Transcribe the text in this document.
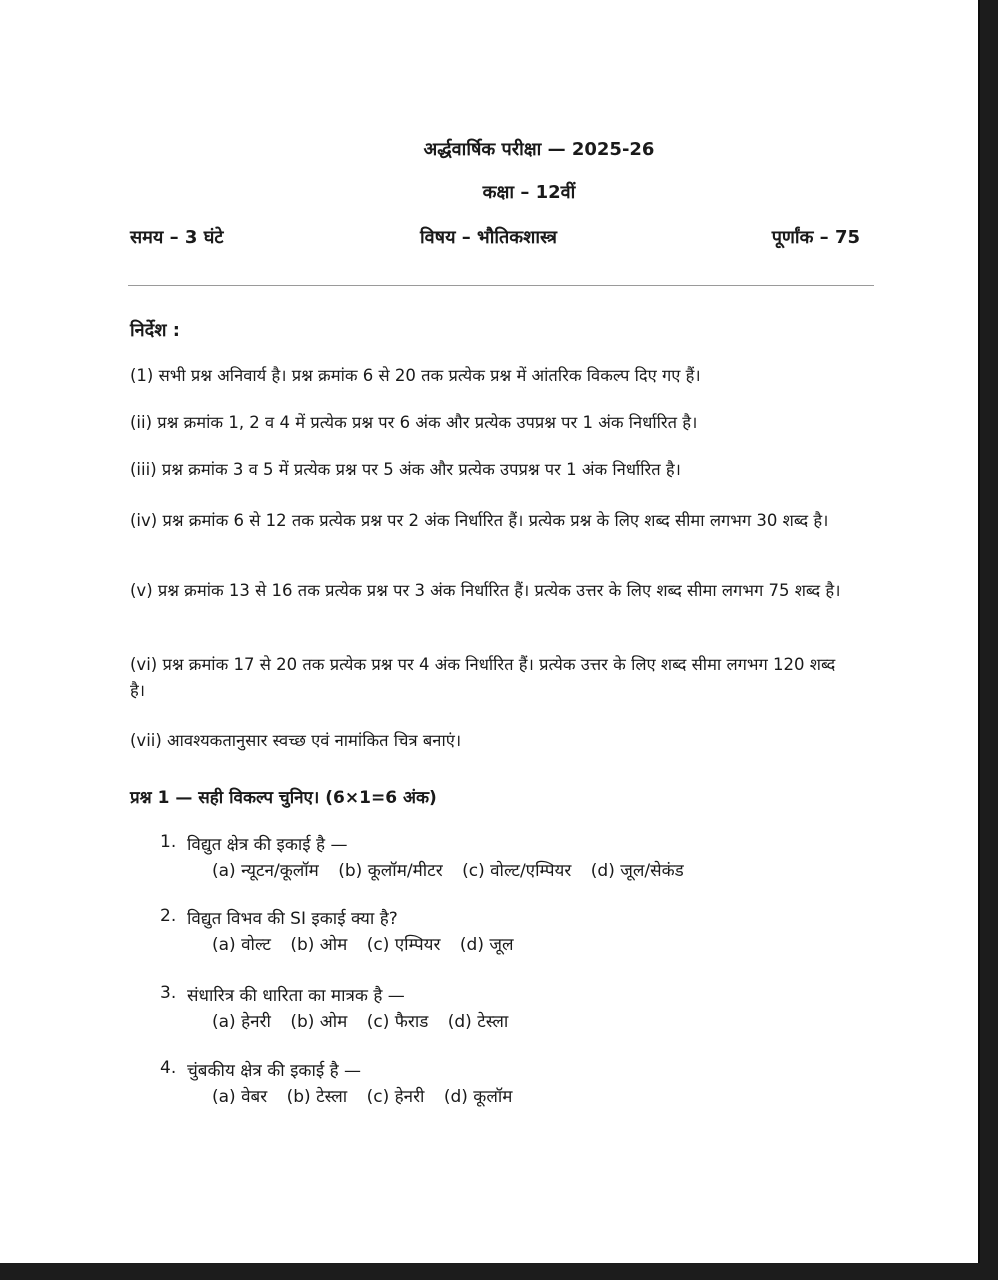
अर्द्धवार्षिक परीक्षा — 2025-26
कक्षा – 12वीं
समय – 3 घंटे	विषय – भौतिकशास्त्र	पूर्णांक – 75
निर्देश :

(1) सभी प्रश्न अनिवार्य है। प्रश्न क्रमांक 6 से 20 तक प्रत्येक प्रश्न में आंतरिक विकल्प दिए गए हैं।

(ii) प्रश्न क्रमांक 1, 2 व 4 में प्रत्येक प्रश्न पर 6 अंक और प्रत्येक उपप्रश्न पर 1 अंक निर्धारित है।

(iii) प्रश्न क्रमांक 3 व 5 में प्रत्येक प्रश्न पर 5 अंक और प्रत्येक उपप्रश्न पर 1 अंक निर्धारित है।

(iv) प्रश्न क्रमांक 6 से 12 तक प्रत्येक प्रश्न पर 2 अंक निर्धारित हैं। प्रत्येक प्रश्न के लिए शब्द सीमा लगभग 30 शब्द है।

(v) प्रश्न क्रमांक 13 से 16 तक प्रत्येक प्रश्न पर 3 अंक निर्धारित हैं। प्रत्येक उत्तर के लिए शब्द सीमा लगभग 75 शब्द है।

(vi) प्रश्न क्रमांक 17 से 20 तक प्रत्येक प्रश्न पर 4 अंक निर्धारित हैं। प्रत्येक उत्तर के लिए शब्द सीमा लगभग 120 शब्द है।

(vii) आवश्यकतानुसार स्वच्छ एवं नामांकित चित्र बनाएं।

प्रश्न 1 — सही विकल्प चुनिए। (6×1=6 अंक)
1. विद्युत क्षेत्र की इकाई है —
(a) न्यूटन/कूलॉम (b) कूलॉम/मीटर (c) वोल्ट/एम्पियर (d) जूल/सेकंड
2. विद्युत विभव की SI इकाई क्या है?
(a) वोल्ट (b) ओम (c) एम्पियर (d) जूल
3. संधारित्र की धारिता का मात्रक है —
(a) हेनरी (b) ओम (c) फैराड (d) टेस्ला
4. चुंबकीय क्षेत्र की इकाई है —
(a) वेबर (b) टेस्ला (c) हेनरी (d) कूलॉम
